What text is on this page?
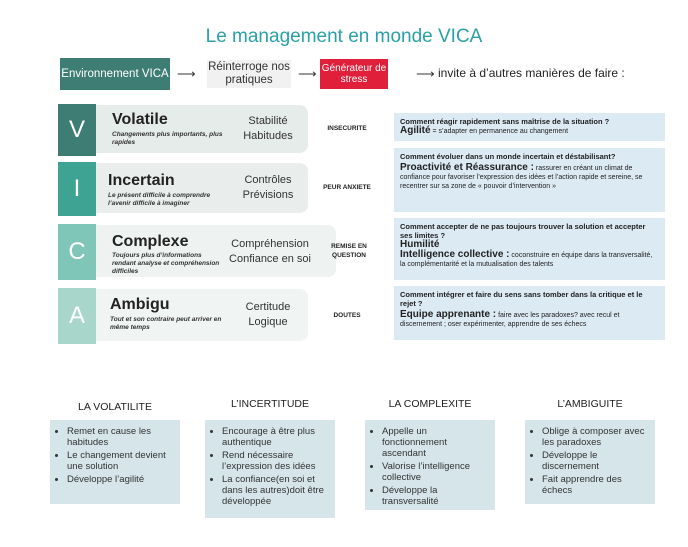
Le management en monde VICA
Environnement VICA ⟶ Réinterroge nos pratiques	⟶ Générateur de stress	⟶ invite à d’autres manières de faire :
V	Volatile
Changements plus importants, plus rapides
Stabilité
Habitudes
INSECURITE
Comment réagir rapidement sans maîtrise de la situation ?
Agilité = s’adapter en permanence au changement
I	Incertain
Le présent difficile à comprendre l’avenir difficile à imaginer
Contrôles
Prévisions
PEUR ANXIETE
Comment évoluer dans un monde incertain et déstabilisant?
Proactivité et Réassurance : rassurer en créant un climat de confiance pour favoriser l’expression des idées et l’action rapide et sereine, se recentrer sur sa zone de « pouvoir d’intervention »
C	Complexe
Toujours plus d’informations rendant analyse et compréhension difficiles
Compréhension
Confiance en soi
REMISE EN QUESTION
Comment accepter de ne pas toujours trouver la solution et accepter ses limites ?
Humilité
Intelligence collective : coconstruire en équipe dans la transversalité, la complémentarité et la mutualisation des talents
A	Ambigu
Tout et son contraire peut arriver en même temps
Certitude
Logique
DOUTES
Comment intégrer et faire du sens sans tomber dans la critique et le rejet ?
Equipe apprenante : faire avec les paradoxes? avec recul et discernement ; oser expérimenter, apprendre de ses échecs
LA VOLATILITE	L’INCERTITUDE	LA COMPLEXITE	L’AMBIGUITE
• Remet en cause les habitudes
• Le changement devient une solution
• Développe l’agilité
• Encourage à être plus authentique
• Rend nécessaire l’expression des idées
• La confiance(en soi et dans les autres)doit être développée
• Appelle un fonctionnement ascendant
• Valorise l’intelligence collective
• Développe la transversalité
• Oblige à composer avec les paradoxes
• Développe le discernement
• Fait apprendre des échecs
